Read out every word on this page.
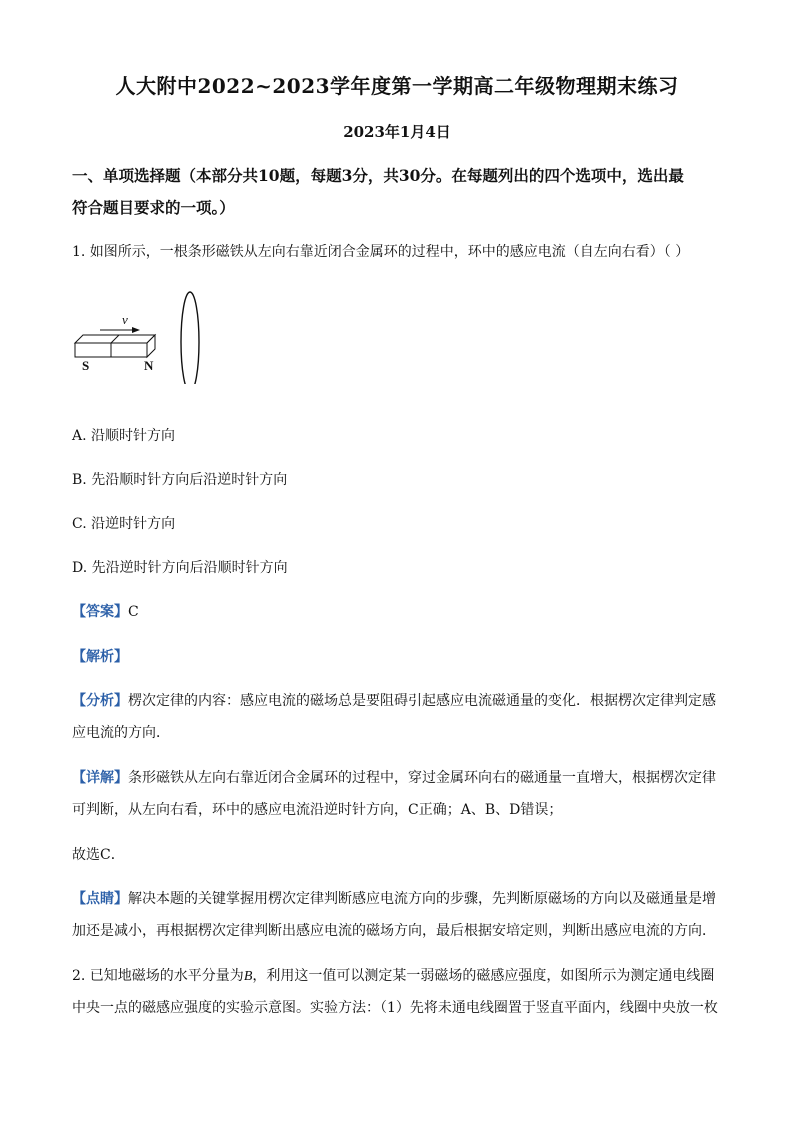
人大附中2022~2023学年度第一学期高二年级物理期末练习
2023年1月4日
一、单项选择题（本部分共10题，每题3分，共30分。在每题列出的四个选项中，选出最
符合题目要求的一项。）
1. 如图所示，一根条形磁铁从左向右靠近闭合金属环的过程中，环中的感应电流（自左向右看）（ ）
v
S	N
A. 沿顺时针方向
B. 先沿顺时针方向后沿逆时针方向
C. 沿逆时针方向
D. 先沿逆时针方向后沿顺时针方向
【答案】C
【解析】
【分析】楞次定律的内容：感应电流的磁场总是要阻碍引起感应电流磁通量的变化．根据楞次定律判定感
应电流的方向．
【详解】条形磁铁从左向右靠近闭合金属环的过程中，穿过金属环向右的磁通量一直增大，根据楞次定律
可判断，从左向右看，环中的感应电流沿逆时针方向，C正确；A、B、D错误；
故选C．
【点睛】解决本题的关键掌握用楞次定律判断感应电流方向的步骤，先判断原磁场的方向以及磁通量是增
加还是减小，再根据楞次定律判断出感应电流的磁场方向，最后根据安培定则，判断出感应电流的方向．
2. 已知地磁场的水平分量为B，利用这一值可以测定某一弱磁场的磁感应强度，如图所示为测定通电线圈
中央一点的磁感应强度的实验示意图。实验方法：（1）先将未通电线圈置于竖直平面内，线圈中央放一枚
